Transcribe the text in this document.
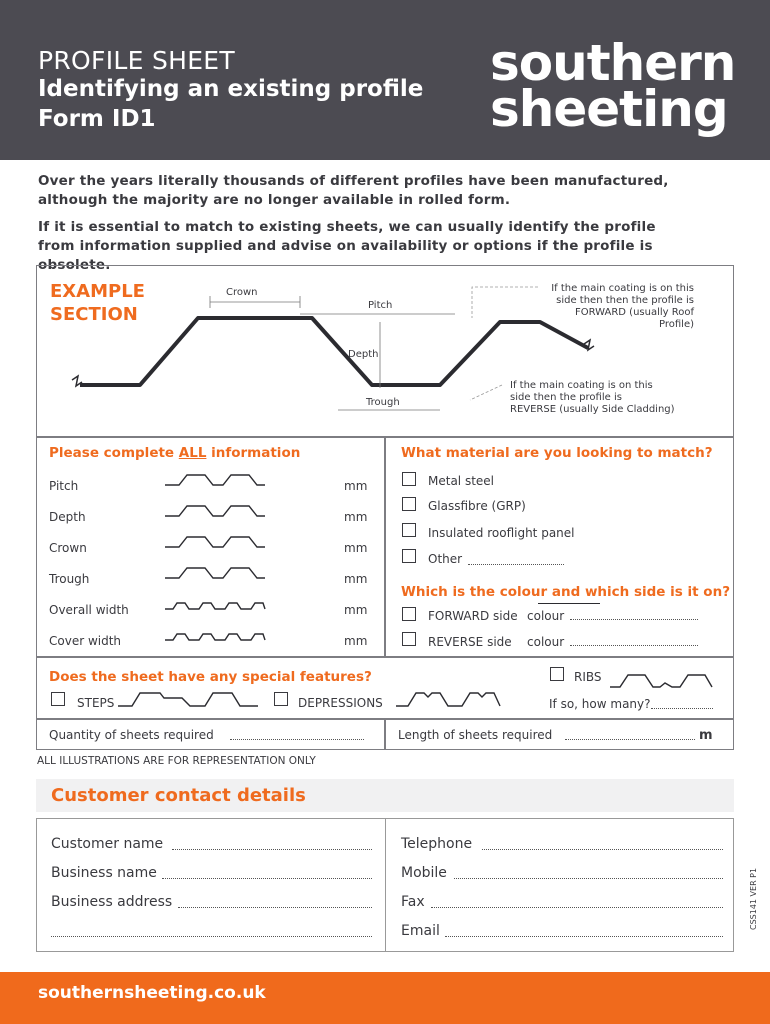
PROFILE SHEET
Identifying an existing profile
Form ID1
southern
sheeting
Over the years literally thousands of different profiles have been manufactured, although the majority are no longer available in rolled form.
If it is essential to match to existing sheets, we can usually identify the profile from information supplied and advise on availability or options if the profile is obsolete.
EXAMPLE
SECTION
Crown
Pitch
Depth
Trough
If the main coating is on this
side then then the profile is
FORWARD (usually Roof Profile)
If the main coating is on this
side then the profile is
REVERSE (usually Side Cladding)
Please complete ALL information
Pitch	mm
Depth	mm
Crown	mm
Trough	mm
Overall width	mm
Cover width	mm
What material are you looking to match?
Metal steel
Glassfibre (GRP)
Insulated rooflight panel
Other
Which is the colour and which side is it on?
FORWARD side colour
REVERSE side colour
Does the sheet have any special features?
STEPS	DEPRESSIONS
RIBS
If so, how many?
Quantity of sheets required	Length of sheets required	m
ALL ILLUSTRATIONS ARE FOR REPRESENTATION ONLY
Customer contact details
Customer name
Business name
Business address
Telephone
Mobile
Fax
Email
CSS141 VER P1
southernsheeting.co.uk
